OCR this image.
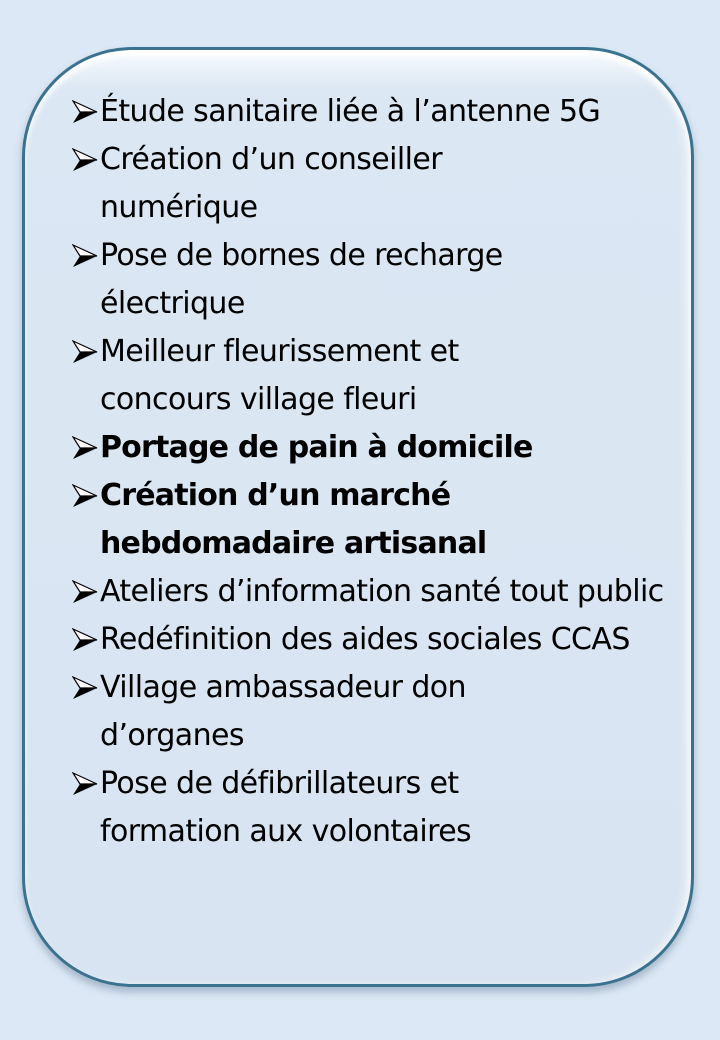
Étude sanitaire liée à l’antenne 5G
Création d’un conseiller numérique
Pose de bornes de recharge électrique
Meilleur fleurissement et concours village fleuri
Portage de pain à domicile
Création d’un marché hebdomadaire artisanal
Ateliers d’information santé tout public
Redéfinition des aides sociales CCAS
Village ambassadeur don d’organes
Pose de défibrillateurs et formation aux volontaires
